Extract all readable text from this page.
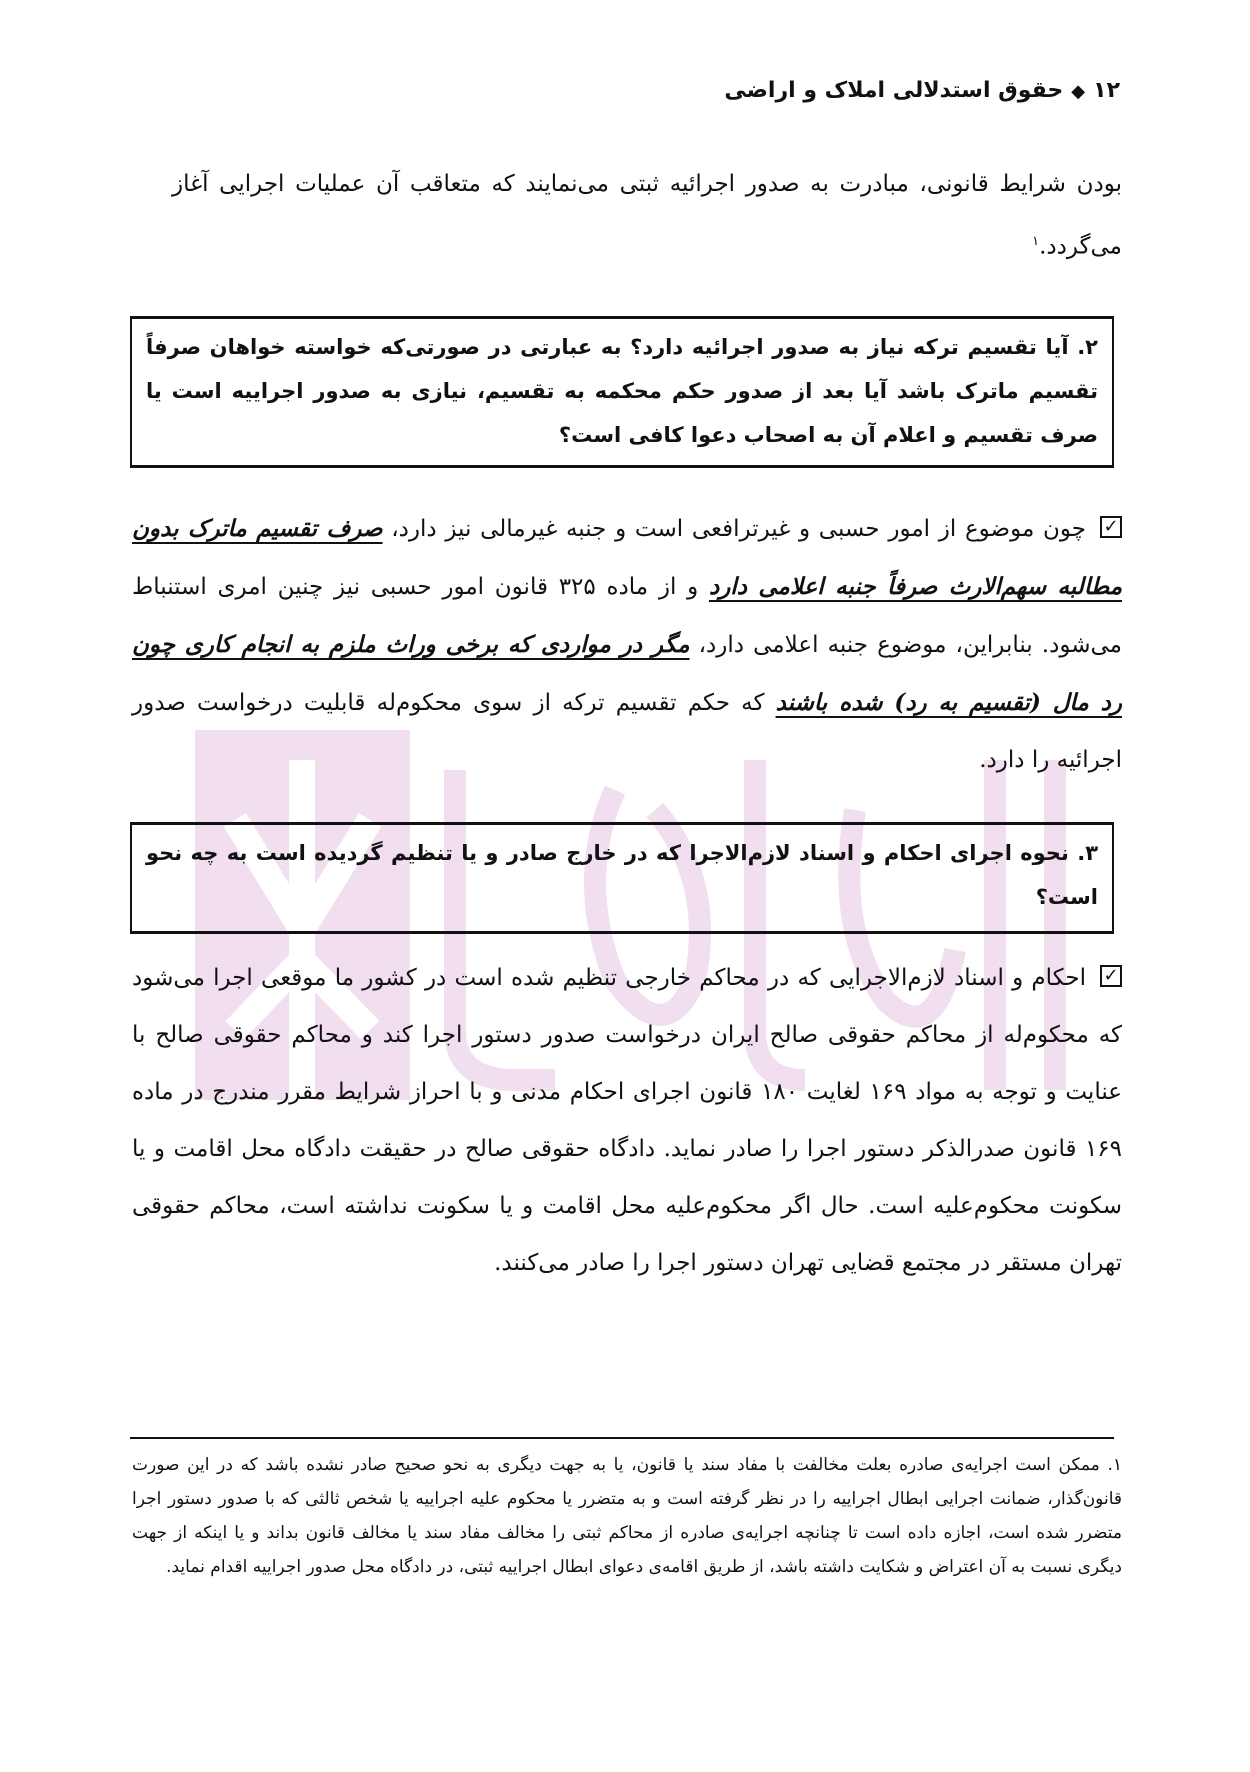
۱۲◆حقوق استدلالی املاک و اراضی
بودن شرایط قانونی، مبادرت به صدور اجرائیه ثبتی می‌نمایند که متعاقب آن عملیات اجرایی آغاز می‌گردد.$^۱$
۲. آیا تقسیم ترکه نیاز به صدور اجرائیه دارد؟ به عبارتی در صورتی‌که خواسته خواهان صرفاً تقسیم ماترک باشد آیا بعد از صدور حکم محکمه به تقسیم، نیازی به صدور اجراییه است یا صرف تقسیم و اعلام آن به اصحاب دعوا کافی است؟
✓چون موضوع از امور حسبی و غیرترافعی است و جنبه غیرمالی نیز دارد، صرف تقسیم ماترک بدون مطالبه سهم‌الارث صرفاً جنبه اعلامی دارد و از ماده ۳۲۵ قانون امور حسبی نیز چنین امری استنباط می‌شود. بنابراین، موضوع جنبه اعلامی دارد، مگر در مواردی که برخی وراث ملزم به انجام کاری چون رد مال (تقسیم به رد) شده باشند که حکم تقسیم ترکه از سوی محکوم‌له قابلیت درخواست صدور اجرائیه را دارد.
۳. نحوه اجرای احکام و اسناد لازم‌الاجرا که در خارج صادر و یا تنظیم گردیده است به چه نحو است؟
✓احکام و اسناد لازم‌الاجرایی که در محاکم خارجی تنظیم شده است در کشور ما موقعی اجرا می‌شود که محکوم‌له از محاکم حقوقی صالح ایران درخواست صدور دستور اجرا کند و محاکم حقوقی صالح با عنایت و توجه به مواد ۱۶۹ لغایت ۱۸۰ قانون اجرای احکام مدنی و با احراز شرایط مقرر مندرج در ماده ۱۶۹ قانون صدرالذکر دستور اجرا را صادر نماید. دادگاه حقوقی صالح در حقیقت دادگاه محل اقامت و یا سکونت محکوم‌علیه است. حال اگر محکوم‌علیه محل اقامت و یا سکونت نداشته است، محاکم حقوقی تهران مستقر در مجتمع قضایی تهران دستور اجرا را صادر می‌کنند.
۱. ممکن است اجرایه‌ی صادره بعلت مخالفت با مفاد سند یا قانون، یا به جهت دیگری به نحو صحیح صادر نشده باشد که در این صورت قانون‌گذار، ضمانت اجرایی ابطال اجراییه را در نظر گرفته است و به متضرر یا محکوم علیه اجراییه یا شخص ثالثی که با صدور دستور اجرا متضرر شده است، اجازه داده است تا چنانچه اجرایه‌ی صادره از محاکم ثبتی را مخالف مفاد سند یا مخالف قانون بداند و یا اینکه از جهت دیگری نسبت به آن اعتراض و شکایت داشته باشد، از طریق اقامه‌ی دعوای ابطال اجراییه ثبتی، در دادگاه محل صدور اجراییه اقدام نماید.
